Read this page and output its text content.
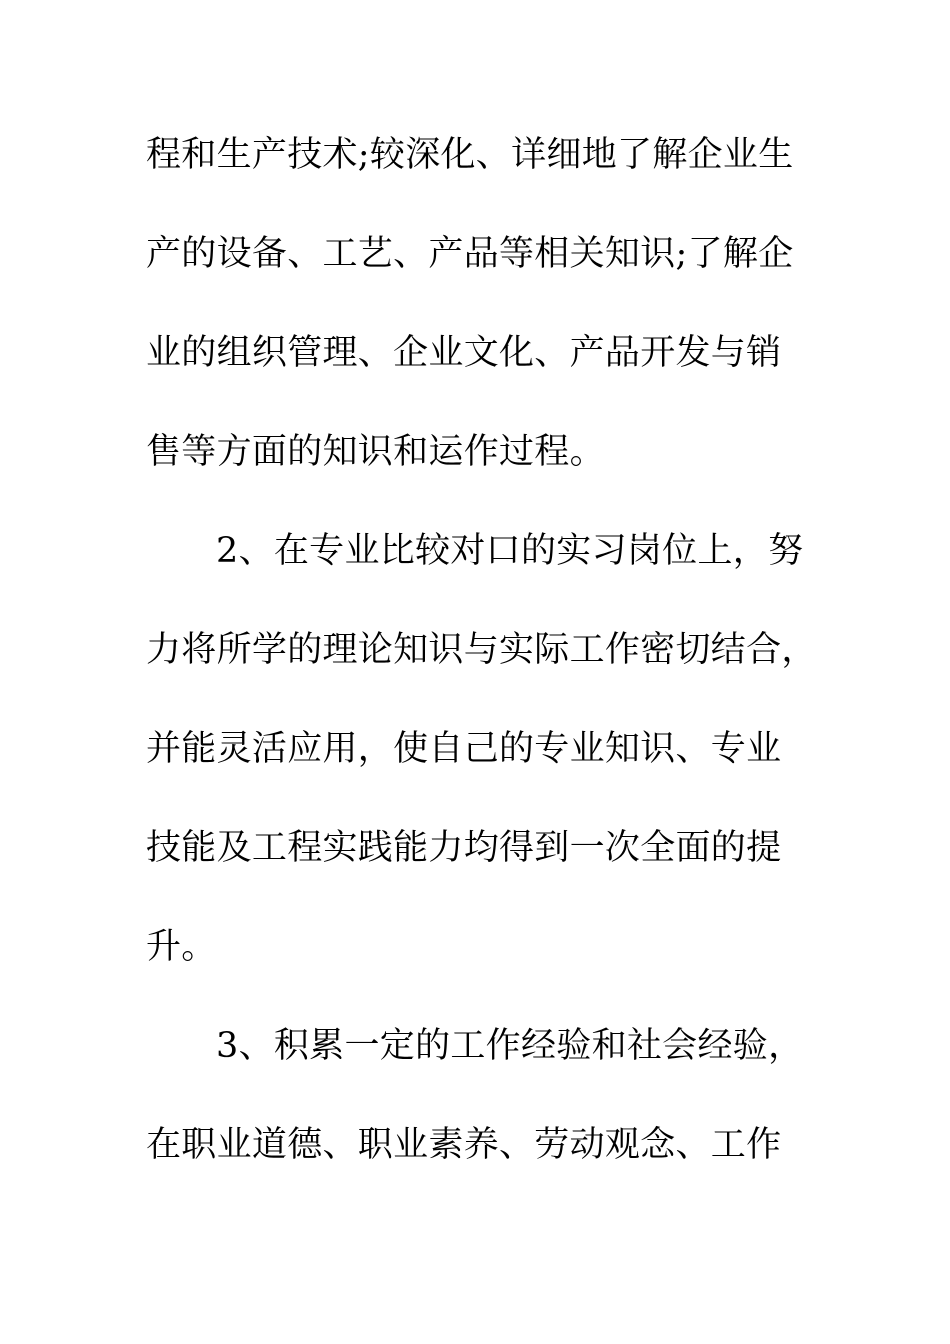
程和生产技术;较深化、详细地了解企业生
产的设备、工艺、产品等相关知识;了解企
业的组织管理、企业文化、产品开发与销
售等方面的知识和运作过程。
2、在专业比较对口的实习岗位上，努
力将所学的理论知识与实际工作密切结合，
并能灵活应用，使自己的专业知识、专业
技能及工程实践能力均得到一次全面的提
升。
3、积累一定的工作经验和社会经验，
在职业道德、职业素养、劳动观念、工作
